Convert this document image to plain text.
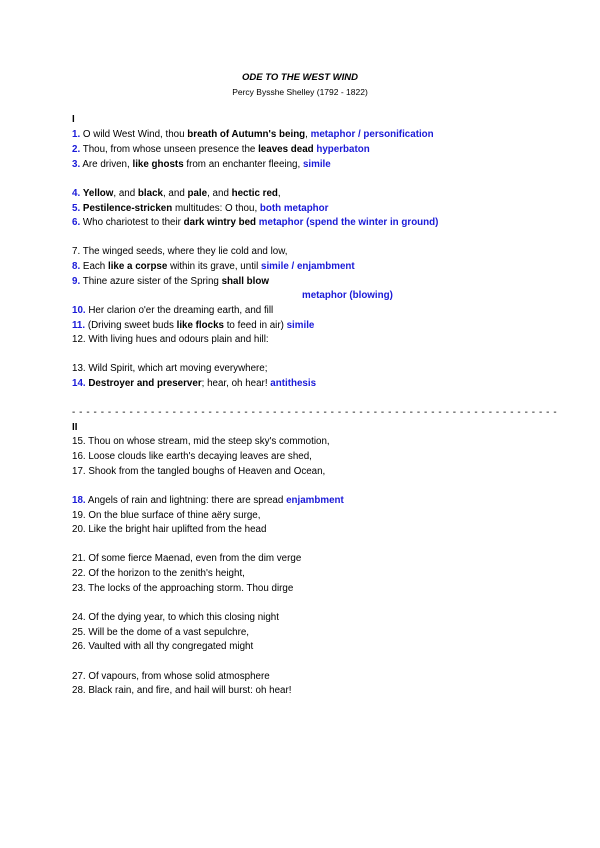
ODE TO THE WEST WIND
Percy Bysshe Shelley (1792 - 1822)
I
1. O wild West Wind, thou breath of Autumn's being, metaphor / personification
2. Thou, from whose unseen presence the leaves dead hyperbaton
3. Are driven, like ghosts from an enchanter fleeing, simile
4. Yellow, and black, and pale, and hectic red,
5. Pestilence-stricken multitudes: O thou, both metaphor
6. Who chariotest to their dark wintry bed metaphor (spend the winter in ground)
7. The winged seeds, where they lie cold and low,
8. Each like a corpse within its grave, until simile / enjambment
9. Thine azure sister of the Spring shall blow
metaphor (blowing)
10. Her clarion o'er the dreaming earth, and fill
11. (Driving sweet buds like flocks to feed in air) simile
12. With living hues and odours plain and hill:
13. Wild Spirit, which art moving everywhere;
14. Destroyer and preserver; hear, oh hear! antithesis
- - - - - - - - - - - - - - - - - - - - - - - - - - - - - - - - - - - - - - - - - - - - - - - - - - - - - - - - - - - - - - - - - - - -
II
15. Thou on whose stream, mid the steep sky's commotion,
16. Loose clouds like earth's decaying leaves are shed,
17. Shook from the tangled boughs of Heaven and Ocean,
18. Angels of rain and lightning: there are spread enjambment
19. On the blue surface of thine aëry surge,
20. Like the bright hair uplifted from the head
21. Of some fierce Maenad, even from the dim verge
22. Of the horizon to the zenith's height,
23. The locks of the approaching storm. Thou dirge
24. Of the dying year, to which this closing night
25. Will be the dome of a vast sepulchre,
26. Vaulted with all thy congregated might
27. Of vapours, from whose solid atmosphere
28. Black rain, and fire, and hail will burst: oh hear!
